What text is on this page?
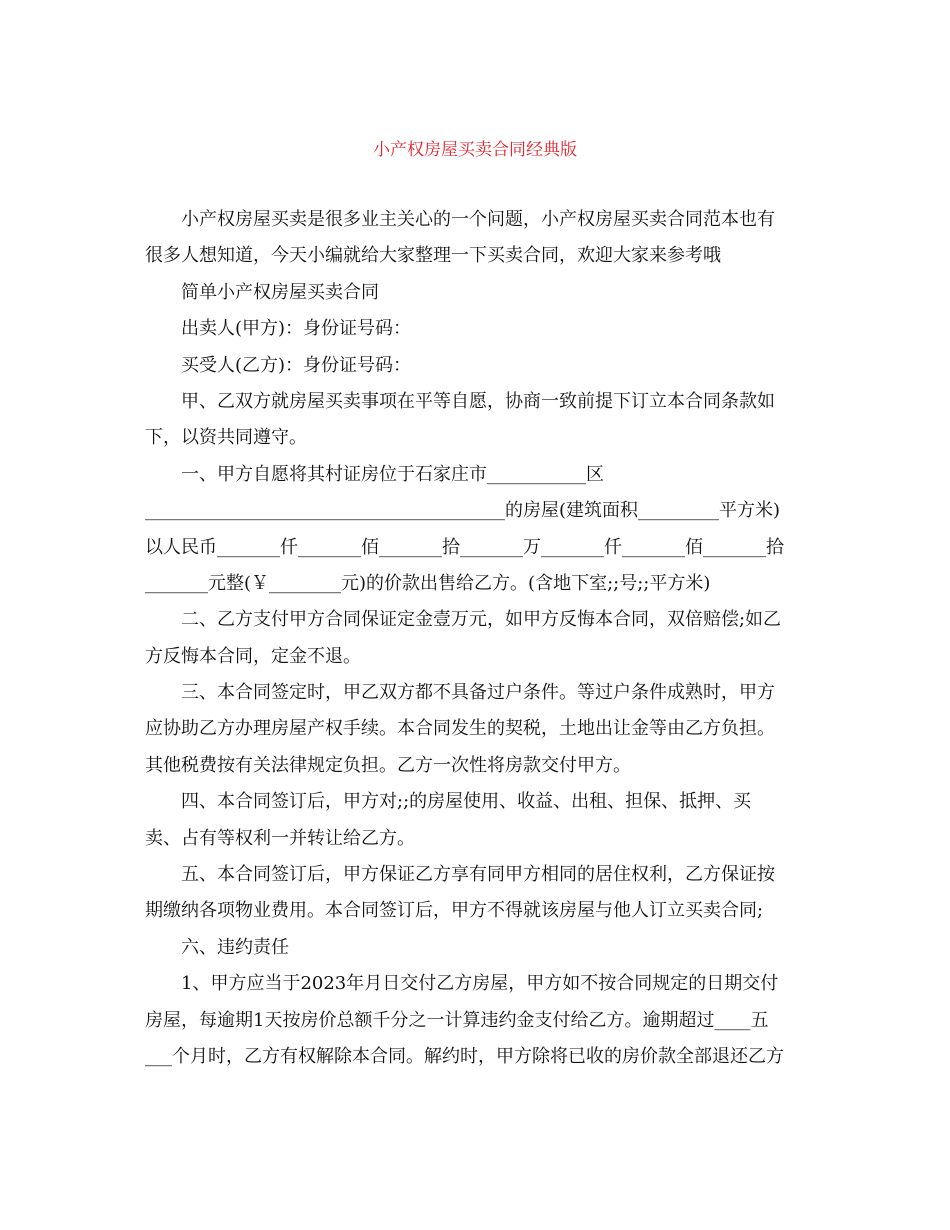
小产权房屋买卖合同经典版
小产权房屋买卖是很多业主关心的一个问题，小产权房屋买卖合同范本也有
很多人想知道，今天小编就给大家整理一下买卖合同，欢迎大家来参考哦
简单小产权房屋买卖合同
出卖人(甲方)：身份证号码：
买受人(乙方)：身份证号码：
甲、乙双方就房屋买卖事项在平等自愿，协商一致前提下订立本合同条款如
下，以资共同遵守。
一、甲方自愿将其村证房位于石家庄市___________区
________________________________________的房屋(建筑面积_________平方米)
以人民币_______仟_______佰_______拾_______万_______仟_______佰_______拾
_______元整(￥________元)的价款出售给乙方。(含地下室;;号;;平方米)
二、乙方支付甲方合同保证定金壹万元，如甲方反悔本合同，双倍赔偿;如乙
方反悔本合同，定金不退。
三、本合同签定时，甲乙双方都不具备过户条件。等过户条件成熟时，甲方
应协助乙方办理房屋产权手续。本合同发生的契税，土地出让金等由乙方负担。
其他税费按有关法律规定负担。乙方一次性将房款交付甲方。
四、本合同签订后，甲方对;;的房屋使用、收益、出租、担保、抵押、买
卖、占有等权利一并转让给乙方。
五、本合同签订后，甲方保证乙方享有同甲方相同的居住权利，乙方保证按
期缴纳各项物业费用。本合同签订后，甲方不得就该房屋与他人订立买卖合同;
六、违约责任
1、甲方应当于2023年月日交付乙方房屋，甲方如不按合同规定的日期交付
房屋，每逾期1天按房价总额千分之一计算违约金支付给乙方。逾期超过____五
___个月时，乙方有权解除本合同。解约时，甲方除将已收的房价款全部退还乙方
